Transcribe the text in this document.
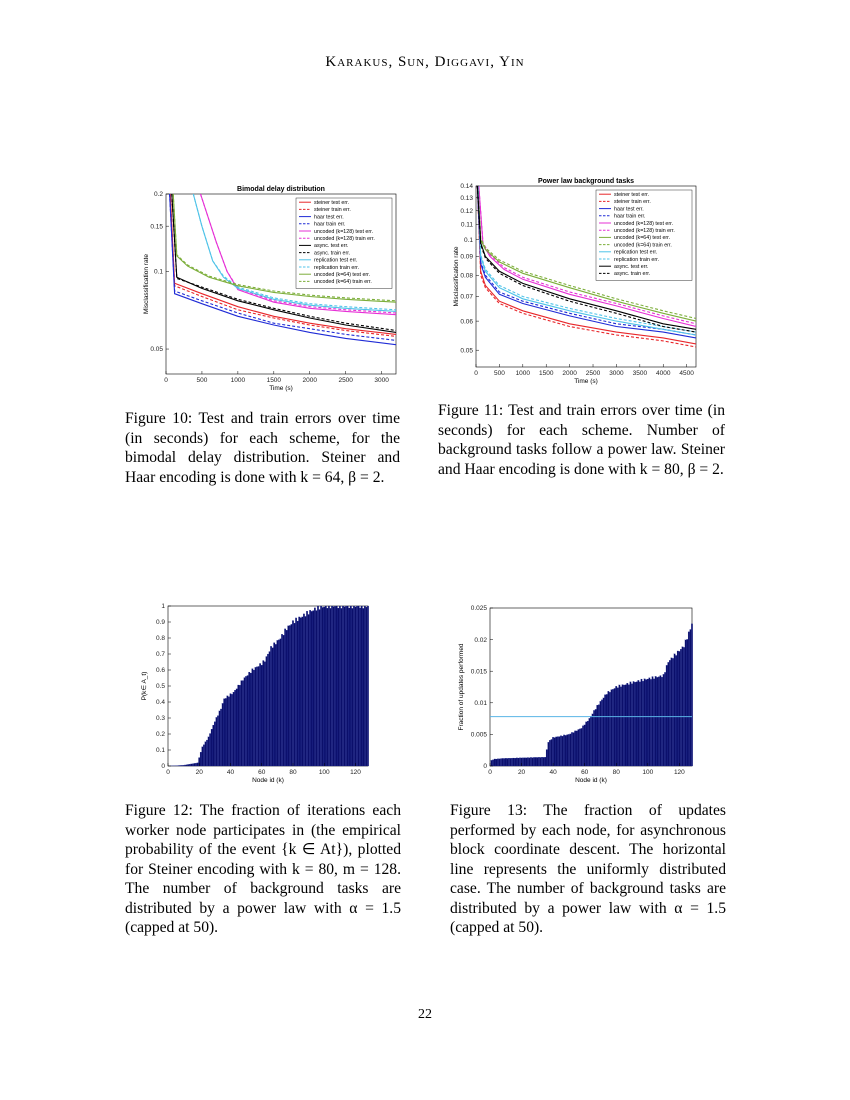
Karakus, Sun, Diggavi, Yin
0	500	1000	1500	2000	2500	3000
0.05
0.1
0.15
0.2
Bimodal delay distribution
Time (s)
Misclassification rate
steiner test err.
steiner train err.
haar test err.
haar train err.
uncoded (k=128) test err.
uncoded (k=128) train err.
async. test err.
async. train err.
replication test err.
replication train err.
uncoded (k=64) test err.
uncoded (k=64) train err.
Figure 10: Test and train errors over time (in seconds) for each scheme, for the bimodal delay distribution. Steiner and Haar encoding is done with k = 64, β = 2.
0 500 1000 1500 2000 2500 3000 3500 4000 4500
0.05
0.06
0.07
0.08
0.09
0.1
0.11
0.12
0.13
0.14
Power law background tasks
Time (s)
Misclassification rate
steiner test err.
steiner train err.
haar test err.
haar train err.
uncoded (k=128) test err.
uncoded (k=128) train err.
uncoded (k=64) test err.
uncoded (k=64) train err.
replication test err.
replication train err.
async. test err.
async. train err.
Figure 11: Test and train errors over time (in seconds) for each scheme. Number of background tasks follow a power law. Steiner and Haar encoding is done with k = 80, β = 2.
0	20	40	60	80	100	120
0
0.1
0.2
0.3
0.4
0.5
0.6
0.7
0.8
0.9
1
Node id (k)
P(k∈ A_t)
Figure 12: The fraction of iterations each worker node participates in (the empirical probability of the event {k ∈ At}), plotted for Steiner encoding with k = 80, m = 128. The number of background tasks are distributed by a power law with α = 1.5 (capped at 50).
0	20	40	60	80	100	120
0
0.005
0.01
0.015
0.02
0.025
Node id (k)
Fraction of updates performed
Figure 13: The fraction of updates performed by each node, for asynchronous block coordinate descent. The horizontal line represents the uniformly distributed case. The number of background tasks are distributed by a power law with α = 1.5 (capped at 50).
22
